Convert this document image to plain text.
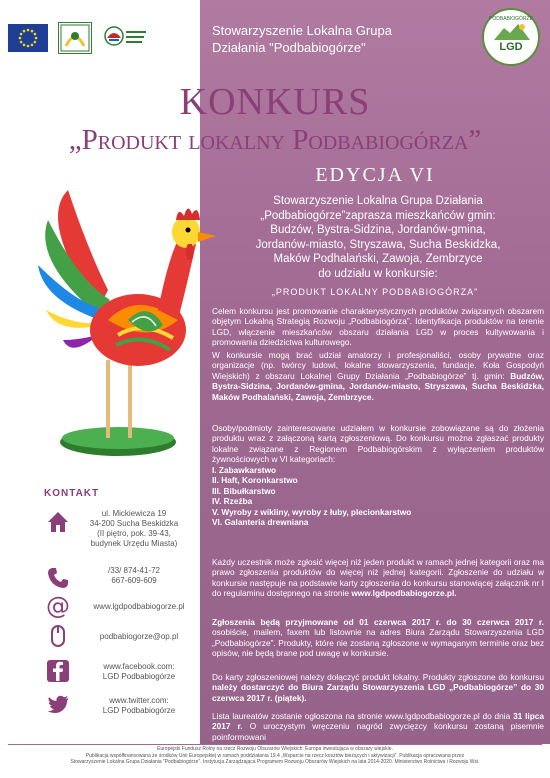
Stowarzyszenie Lokalna Grupa
Działania "Podbabiogórze"
PODBABIOGÓRZE
LGD
KONKURS
„Produkt lokalny Podbabiogórza”
EDYCJA VI
Stowarzyszenie Lokalna Grupa Działania
„Podbabiogórze”zaprasza mieszkańców gmin:
Budzów, Bystra-Sidzina, Jordanów-gmina,
Jordanów-miasto, Stryszawa, Sucha Beskidzka,
Maków Podhalański, Zawoja, Zembrzyce
do udziału w konkursie:
„PRODUKT LOKALNY PODBABIOGÓRZA”
Celem konkursu jest promowanie charakterystycznych produktów związanych obszarem objętym Lokalną Strategią Rozwoju „Podbabiogórza”. Identyfikacja produktów na terenie LGD, włączenie mieszkańców obszaru działania LGD w proces kultywowania i promowania dziedzictwa kulturowego.
W konkursie mogą brać udział amatorzy i profesjonaliści, osoby prywatne oraz organizacje (np. twórcy ludowi, lokalne stowarzyszenia, fundacje. Koła Gospodyń Wiejskich) z obszaru Lokalnej Grupy Działania „Podbabiogórze” tj. gmin: Budzów, Bystra-Sidzina, Jordanów-gmina, Jordanów-miasto, Stryszawa, Sucha Beskidzka, Maków Podhalański, Zawoja, Zembrzyce.
Osoby/podmioty zainteresowane udziałem w konkursie zobowiązane są do złożenia produktu wraz z załączoną kartą zgłoszeniową. Do konkursu można zgłaszać produkty lokalne związane z Regionem Podbabiogórskim z wyłączeniem produktów żywnościowych w VI kategoriach:
I. Zabawkarstwo
II. Haft, Koronkarstwo
III. Bibułkarstwo
IV. Rzeźba
V. Wyroby z wikliny, wyroby z łuby, plecionkarstwo
VI. Galanteria drewniana
Każdy uczestnik może zgłosić więcej niż jeden produkt w ramach jednej kategorii oraz ma prawo zgłoszenia produktów do więcej niż jednej kategorii. Zgłoszenie do udziału w konkursie następuje na podstawie karty zgłoszenia do konkursu stanowiącej załącznik nr I do regulaminu dostępnego na stronie www.lgdpodbabiogorze.pl.
Zgłoszenia będą przyjmowane od 01 czerwca 2017 r. do 30 czerwca 2017 r. osobiście, mailem, faxem lub listownie na adres Biura Zarządu Stowarzyszenia LGD „Podbabiogórze”. Produkty, które nie zostaną zgłoszone w wymaganym terminie oraz bez opisów, nie będą brane pod uwagę w konkursie.
Do karty zgłoszeniowej należy dołączyć produkt lokalny. Produkty zgłoszone do konkursu należy dostarczyć do Biura Zarządu Stowarzyszenia LGD „Podbabiogórze” do 30 czerwca 2017 r. (piątek).
Lista laureatów zostanie ogłoszona na stronie www.lgdpodbabiogorze.pl do dnia 31 lipca 2017 r. O uroczystym wręczeniu nagród zwycięzcy konkursu zostaną pisemnie poinformowani
KONTAKT
ul. Mickiewicza 19
34-200 Sucha Beskidzka
(II piętro, pok. 39-43,
budynek Urzędu Miasta)
/33/ 874-41-72
667-609-609
@	www.lgdpodbabiogorze.pl
podbabiogorze@op.pl
www.facebook.com:
LGD Podbabiogórze
www.twitter.com:
LGD Podbabiogórze
Europejski Fundusz Rolny na rzecz Rozwoju Obszarów Wiejskich: Europa inwestująca w obszary wiejskie.
Publikacja współfinansowana ze środków Unii Europejskiej w ramach poddziałania 19.4 „Wsparcie na rzecz kosztów bieżących i aktywizacji”. Publikacja opracowana przez
Stowarzyszenie Lokalna Grupa Działania "Podbabiogórze". Instytucja Zarządzająca Programem Rozwoju Obszarów Wiejskich na lata 2014-2020. Ministerstwo Rolnictwa i Rozwoju Wsi.
